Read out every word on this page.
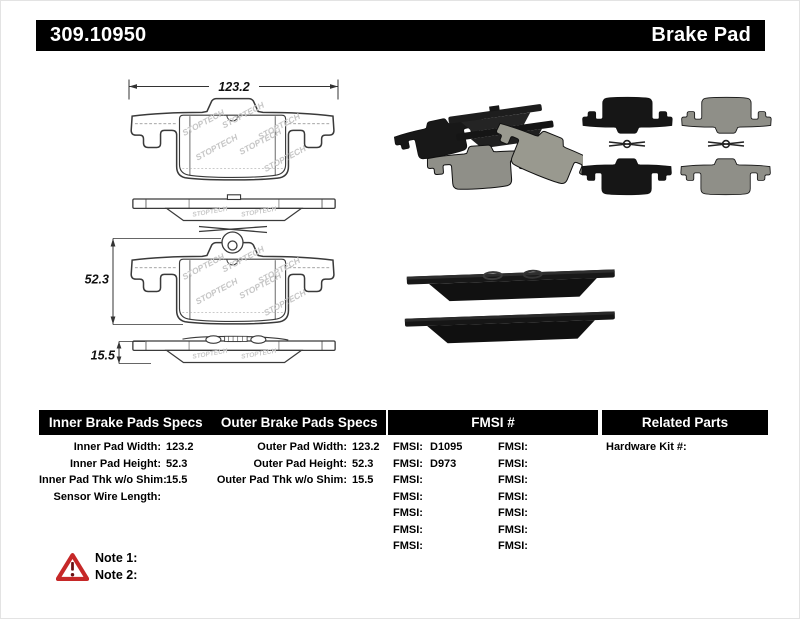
309.10950	Brake Pad
123.2
52.3
15.5
Inner Brake Pads Specs	Outer Brake Pads Specs	FMSI #	Related Parts
Inner Pad Width: 123.2
Inner Pad Height: 52.3
Inner Pad Thk w/o Shim: 15.5
Sensor Wire Length:
Outer Pad Width: 123.2
Outer Pad Height: 52.3
Outer Pad Thk w/o Shim: 15.5
FMSI: D1095
FMSI: D973
FMSI:
FMSI:
FMSI:
FMSI:
FMSI:
FMSI:
FMSI:
FMSI:
FMSI:
FMSI:
FMSI:
FMSI:
Hardware Kit #:
Note 1:
Note 2:
